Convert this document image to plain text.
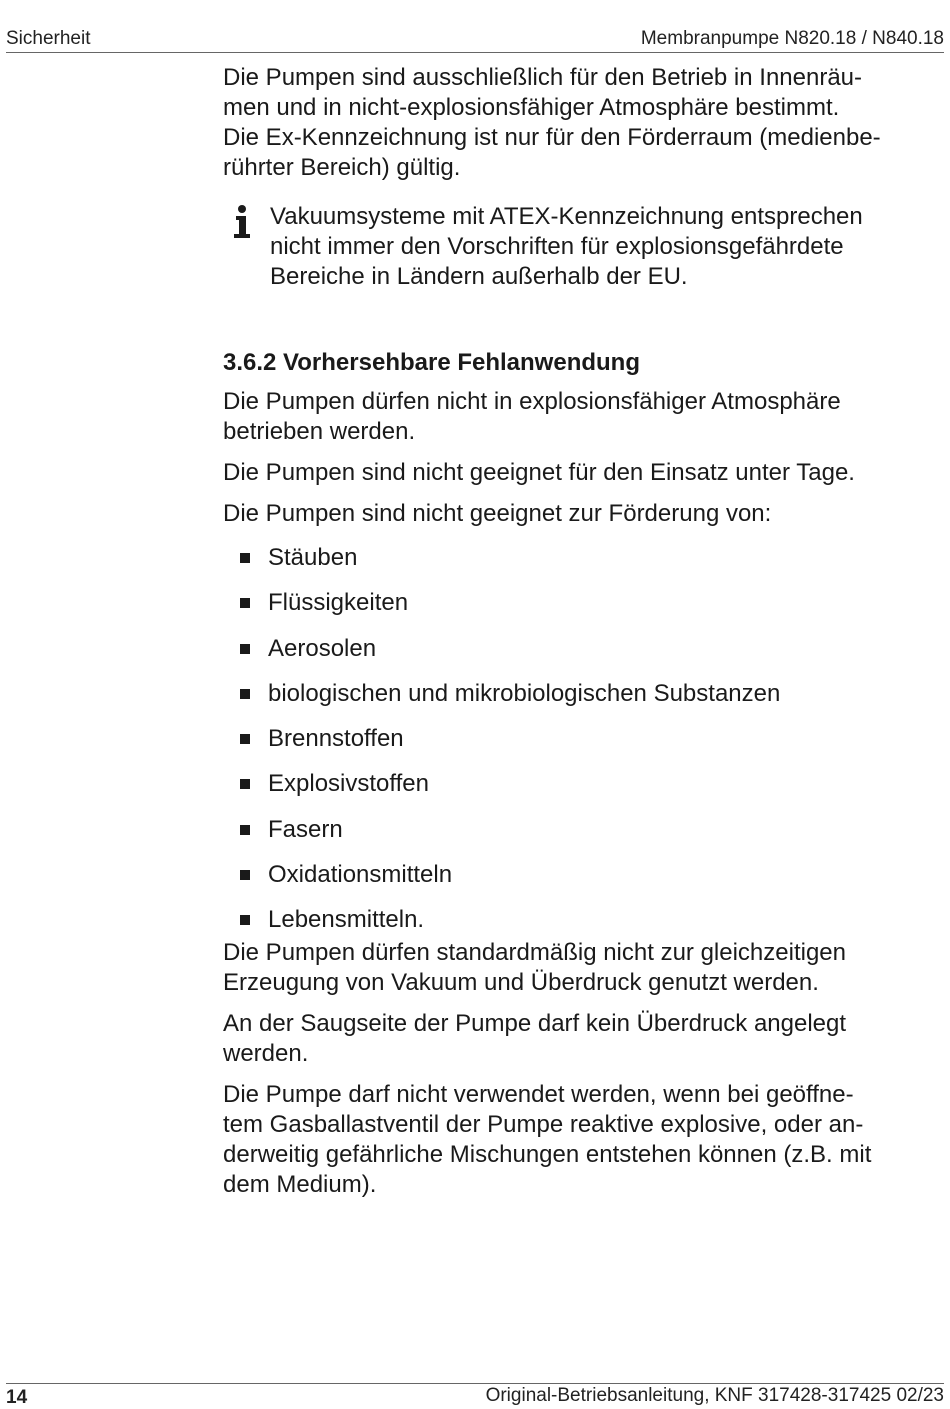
Sicherheit	Membranpumpe N820.18 / N840.18
Die Pumpen sind ausschließlich für den Betrieb in Innenräu-
men und in nicht-explosionsfähiger Atmosphäre bestimmt.
Die Ex-Kennzeichnung ist nur für den Förderraum (medienbe-
rührter Bereich) gültig.
Vakuumsysteme mit ATEX-Kennzeichnung entsprechen
nicht immer den Vorschriften für explosionsgefährdete
Bereiche in Ländern außerhalb der EU.
3.6.2 Vorhersehbare Fehlanwendung
Die Pumpen dürfen nicht in explosionsfähiger Atmosphäre
betrieben werden.
Die Pumpen sind nicht geeignet für den Einsatz unter Tage.
Die Pumpen sind nicht geeignet zur Förderung von:
Stäuben
Flüssigkeiten
Aerosolen
biologischen und mikrobiologischen Substanzen
Brennstoffen
Explosivstoffen
Fasern
Oxidationsmitteln
Lebensmitteln.
Die Pumpen dürfen standardmäßig nicht zur gleichzeitigen
Erzeugung von Vakuum und Überdruck genutzt werden.
An der Saugseite der Pumpe darf kein Überdruck angelegt
werden.
Die Pumpe darf nicht verwendet werden, wenn bei geöffne-
tem Gasballastventil der Pumpe reaktive explosive, oder an-
derweitig gefährliche Mischungen entstehen können (z.B. mit
dem Medium).
14	Original-Betriebsanleitung, KNF 317428-317425 02/23
